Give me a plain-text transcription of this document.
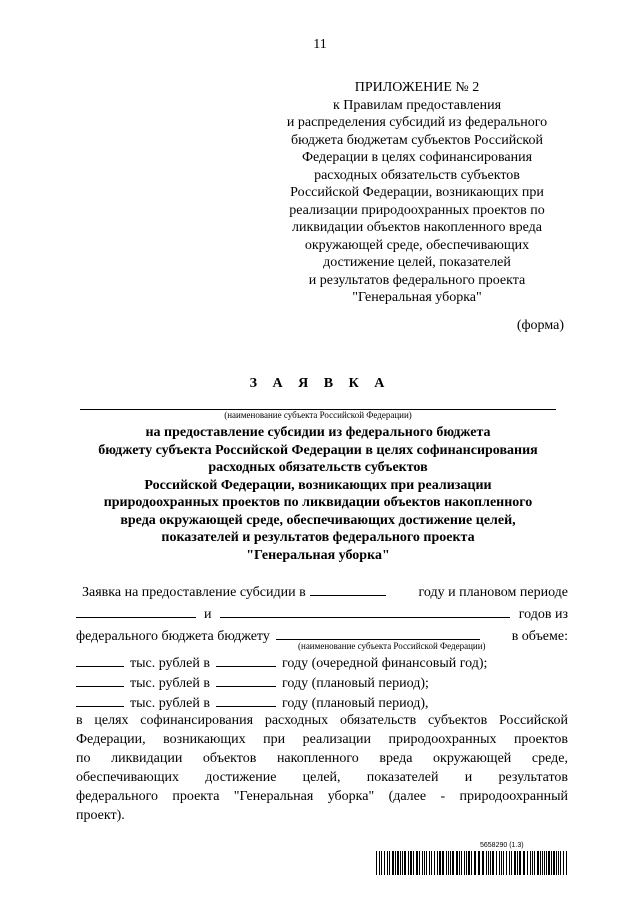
11
ПРИЛОЖЕНИЕ № 2
к Правилам предоставления
и распределения субсидий из федерального
бюджета бюджетам субъектов Российской
Федерации в целях софинансирования
расходных обязательств субъектов
Российской Федерации, возникающих при
реализации природоохранных проектов по
ликвидации объектов накопленного вреда
окружающей среде, обеспечивающих
достижение целей, показателей
и результатов федерального проекта
"Генеральная уборка"
(форма)
З А Я В К А
(наименование субъекта Российской Федерации)
на предоставление субсидии из федерального бюджета
бюджету субъекта Российской Федерации в целях софинансирования
расходных обязательств субъектов
Российской Федерации, возникающих при реализации
природоохранных проектов по ликвидации объектов накопленного
вреда окружающей среде, обеспечивающих достижение целей,
показателей и результатов федерального проекта
"Генеральная уборка"
Заявка на предоставление субсидии в	году и плановом периоде
и	годов из
федерального бюджета бюджету	в объеме:
(наименование субъекта Российской Федерации)
тыс. рублей в	году (очередной финансовый год);
тыс. рублей в	году (плановый период);
тыс. рублей в	году (плановый период),
в целях софинансирования расходных обязательств субъектов Российской
Федерации, возникающих при реализации природоохранных проектов
по ликвидации объектов накопленного вреда окружающей среде,
обеспечивающих достижение целей, показателей и результатов
федерального проекта "Генеральная уборка" (далее - природоохранный
проект).
5658290 (1.3)
